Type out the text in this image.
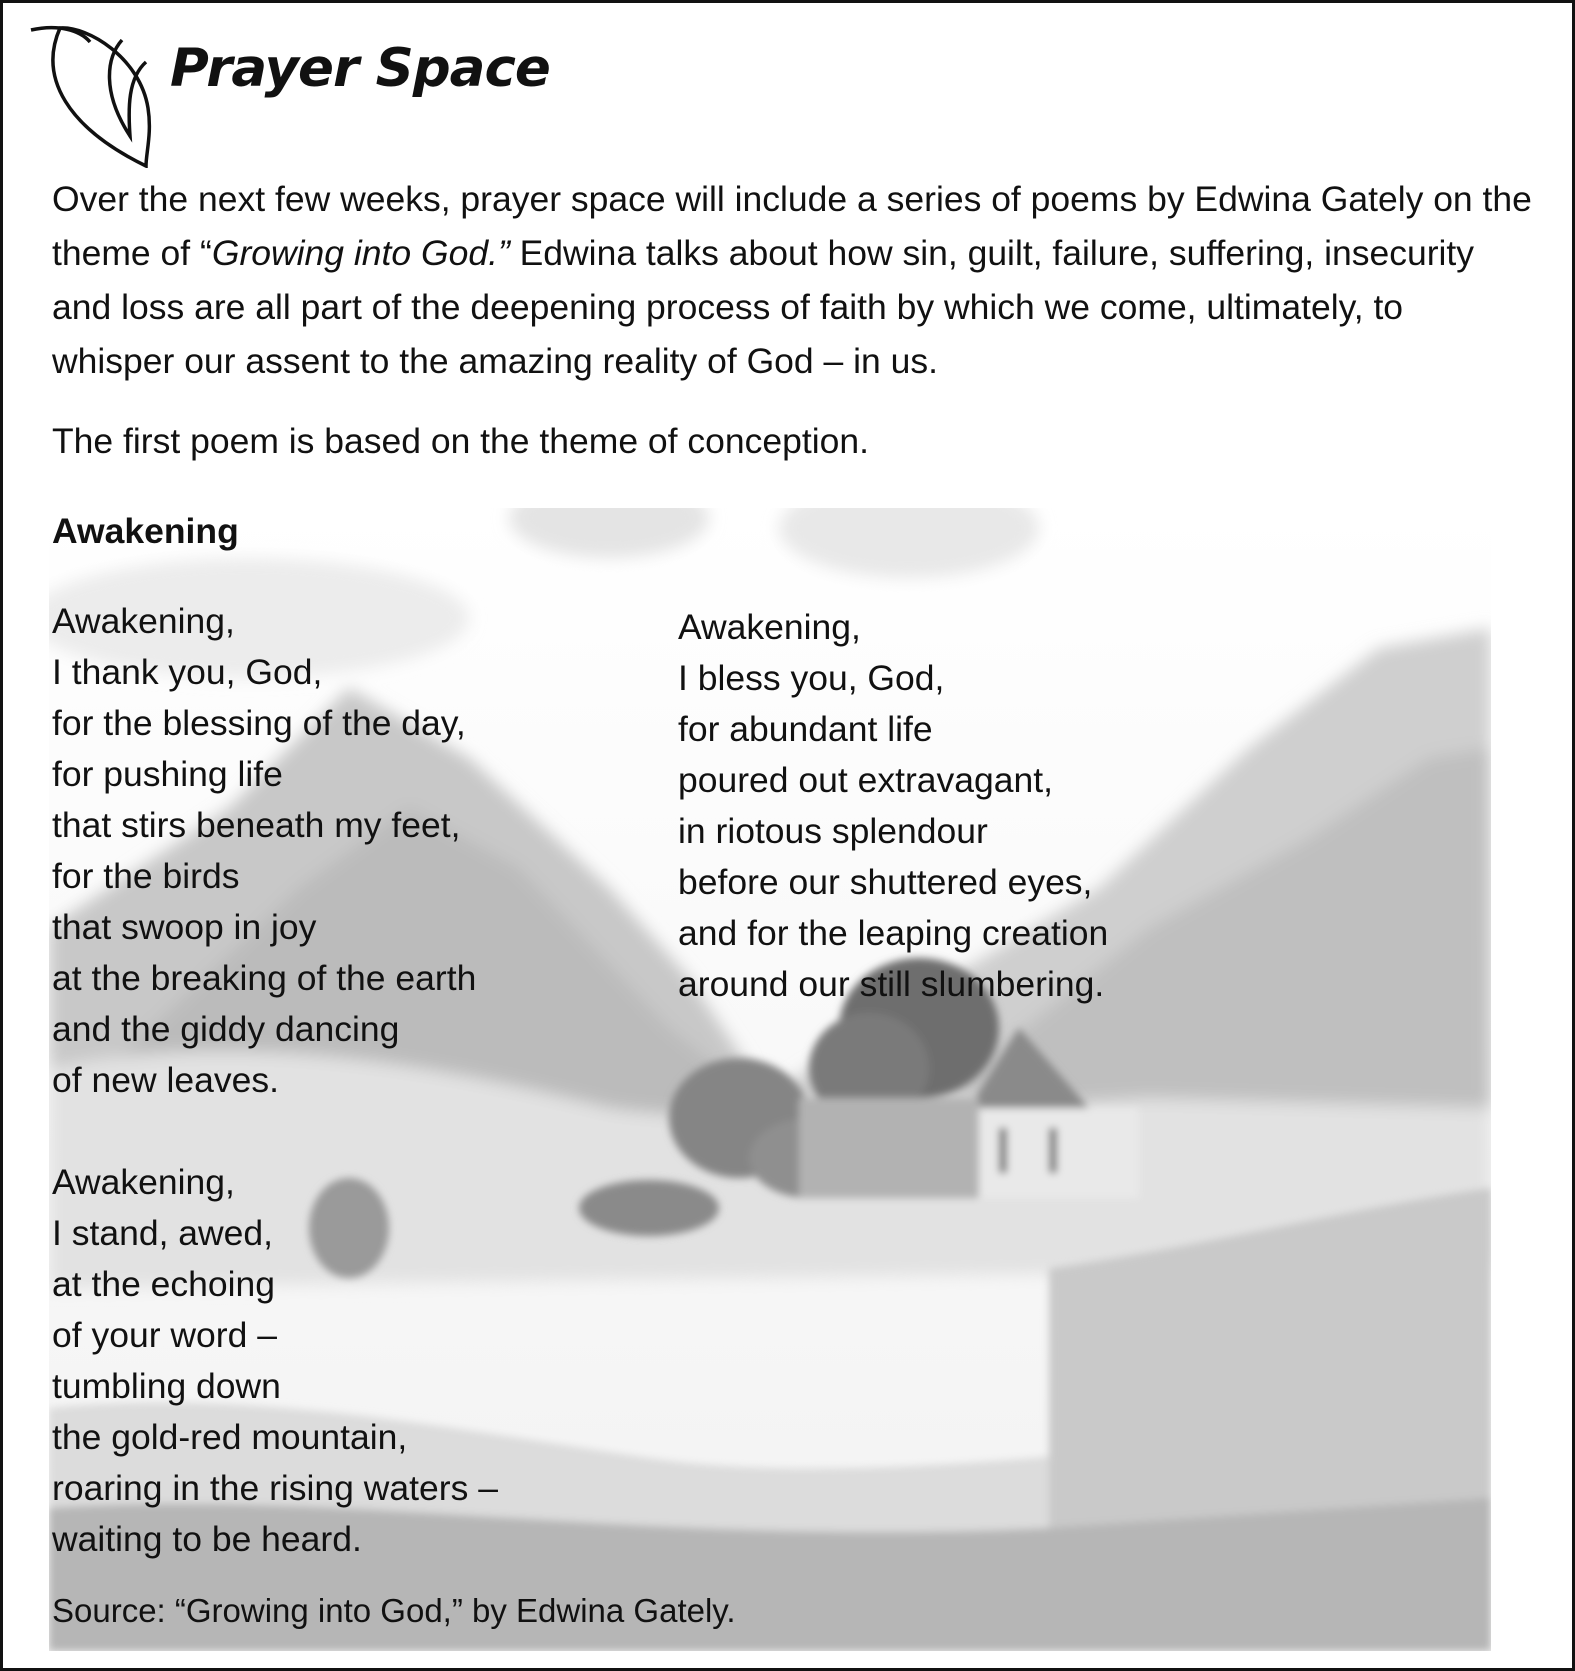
Prayer Space

Over the next few weeks, prayer space will include a series of poems by Edwina Gately on the theme of “Growing into God.” Edwina talks about how sin, guilt, failure, suffering, insecurity and loss are all part of the deepening process of faith by which we come, ultimately, to whisper our assent to the amazing reality of God – in us.

The first poem is based on the theme of conception.

Awakening

Awakening,
I thank you, God,
for the blessing of the day,
for pushing life
that stirs beneath my feet,
for the birds
that swoop in joy
at the breaking of the earth
and the giddy dancing
of new leaves.
Awakening,
I stand, awed,
at the echoing
of your word –
tumbling down
the gold-red mountain,
roaring in the rising waters –
waiting to be heard.
Awakening,
I bless you, God,
for abundant life
poured out extravagant,
in riotous splendour
before our shuttered eyes,
and for the leaping creation
around our still slumbering.

Source: “Growing into God,” by Edwina Gately.
